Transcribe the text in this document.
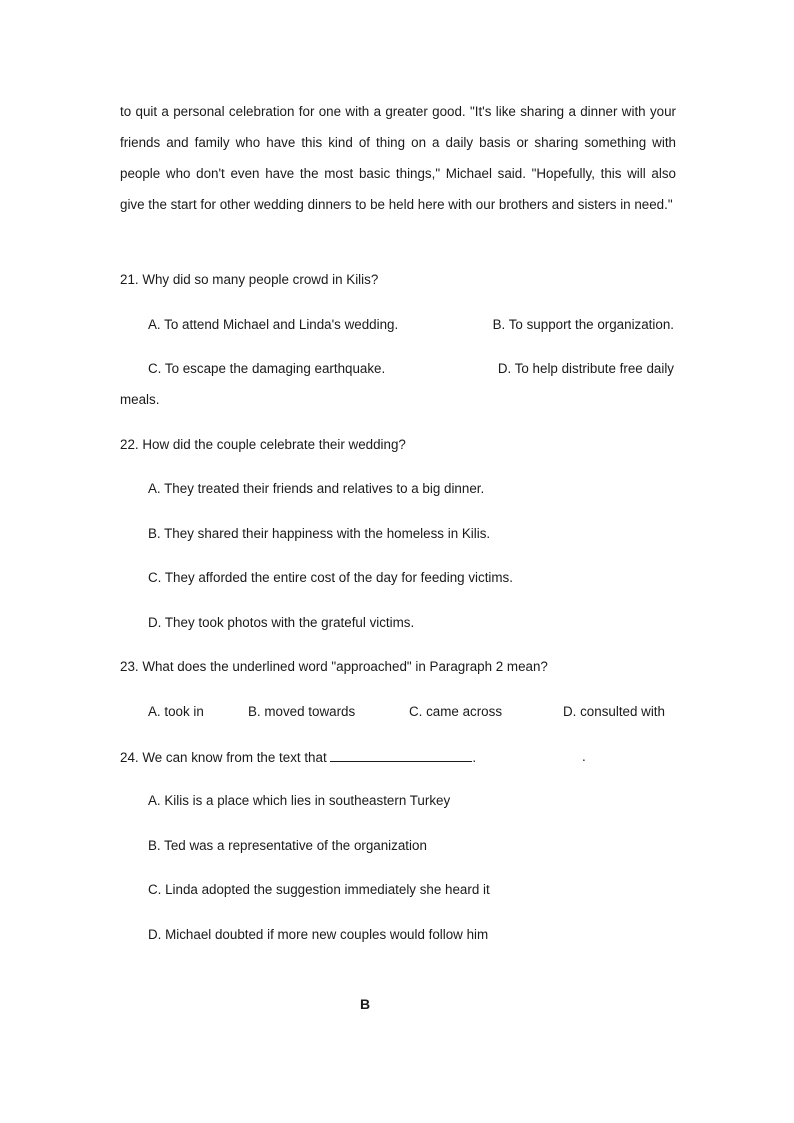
to quit a personal celebration for one with a greater good. "It's like sharing a dinner with your friends and family who have this kind of thing on a daily basis or sharing something with people who don't even have the most basic things," Michael said. "Hopefully, this will also give the start for other wedding dinners to be held here with our brothers and sisters in need."

21. Why did so many people crowd in Kilis?
A. To attend Michael and Linda's wedding.	B. To support the organization.
C. To escape the damaging earthquake.	D. To help distribute free daily
meals.
22. How did the couple celebrate their wedding?
A. They treated their friends and relatives to a big dinner.
B. They shared their happiness with the homeless in Kilis.
C. They afforded the entire cost of the day for feeding victims.
D. They took photos with the grateful victims.
23. What does the underlined word "approached" in Paragraph 2 mean?
A. took in	B. moved towards	C. came across	D. consulted with
24. We can know from the text that	.	.
A. Kilis is a place which lies in southeastern Turkey
B. Ted was a representative of the organization
C. Linda adopted the suggestion immediately she heard it
D. Michael doubted if more new couples would follow him
B
